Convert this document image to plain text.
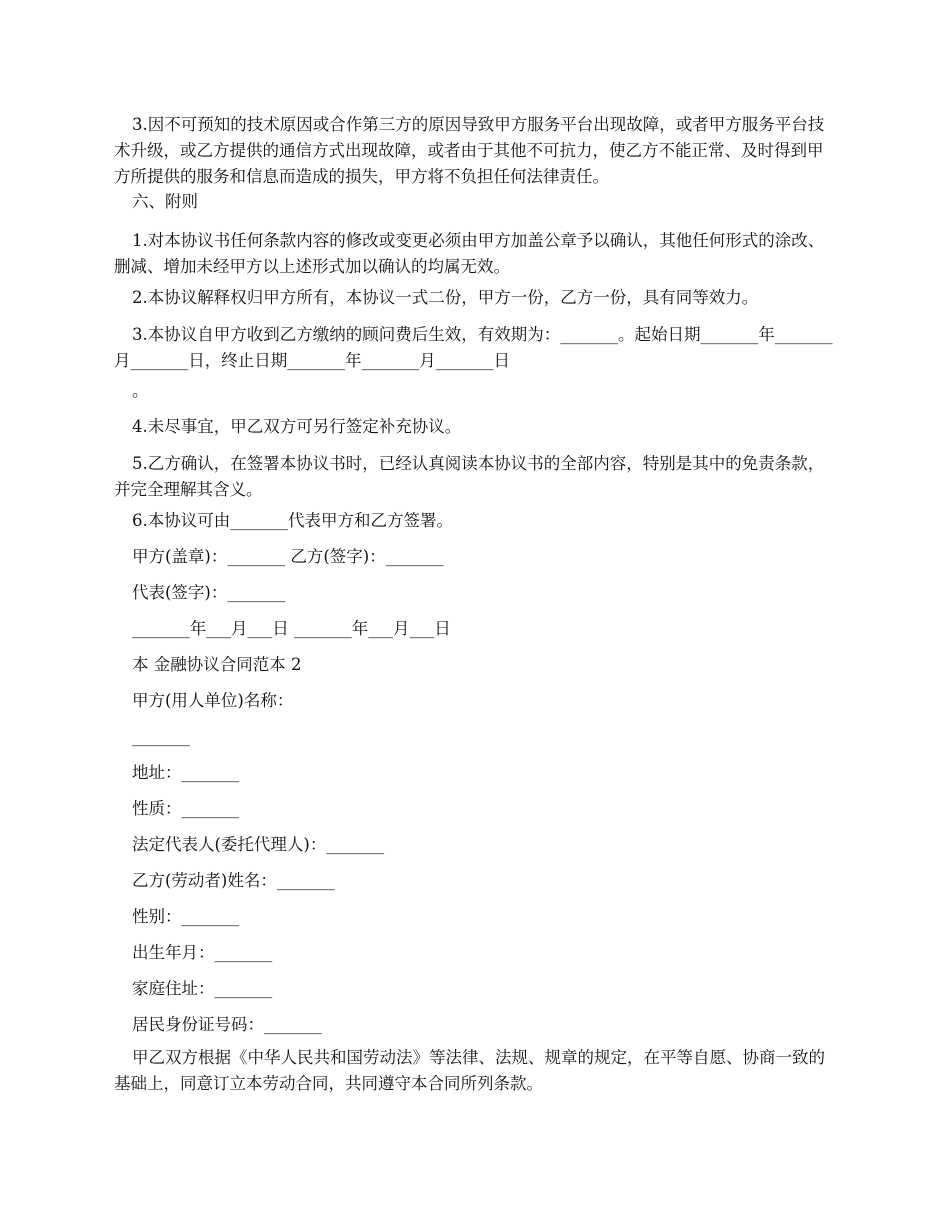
3.因不可预知的技术原因或合作第三方的原因导致甲方服务平台出现故障，或者甲方服务平台技术升级，或乙方提供的通信方式出现故障，或者由于其他不可抗力，使乙方不能正常、及时得到甲方所提供的服务和信息而造成的损失，甲方将不负担任何法律责任。

六、附则

1.对本协议书任何条款内容的修改或变更必须由甲方加盖公章予以确认，其他任何形式的涂改、删减、增加未经甲方以上述形式加以确认的均属无效。

2.本协议解释权归甲方所有，本协议一式二份，甲方一份，乙方一份，具有同等效力。

3.本协议自甲方收到乙方缴纳的顾问费后生效，有效期为：_______。起始日期_______年_______月_______日，终止日期_______年_______月_______日

。

4.未尽事宜，甲乙双方可另行签定补充协议。

5.乙方确认，在签署本协议书时，已经认真阅读本协议书的全部内容，特别是其中的免责条款，并完全理解其含义。

6.本协议可由_______代表甲方和乙方签署。

甲方(盖章)：_______ 乙方(签字)：_______

代表(签字)：_______

_______年___月___日 _______年___月___日

本 金融协议合同范本 2

甲方(用人单位)名称：

_______

地址：_______

性质：_______

法定代表人(委托代理人)：_______

乙方(劳动者)姓名：_______

性别：_______

出生年月：_______

家庭住址：_______

居民身份证号码：_______

甲乙双方根据《中华人民共和国劳动法》等法律、法规、规章的规定，在平等自愿、协商一致的基础上，同意订立本劳动合同，共同遵守本合同所列条款。
